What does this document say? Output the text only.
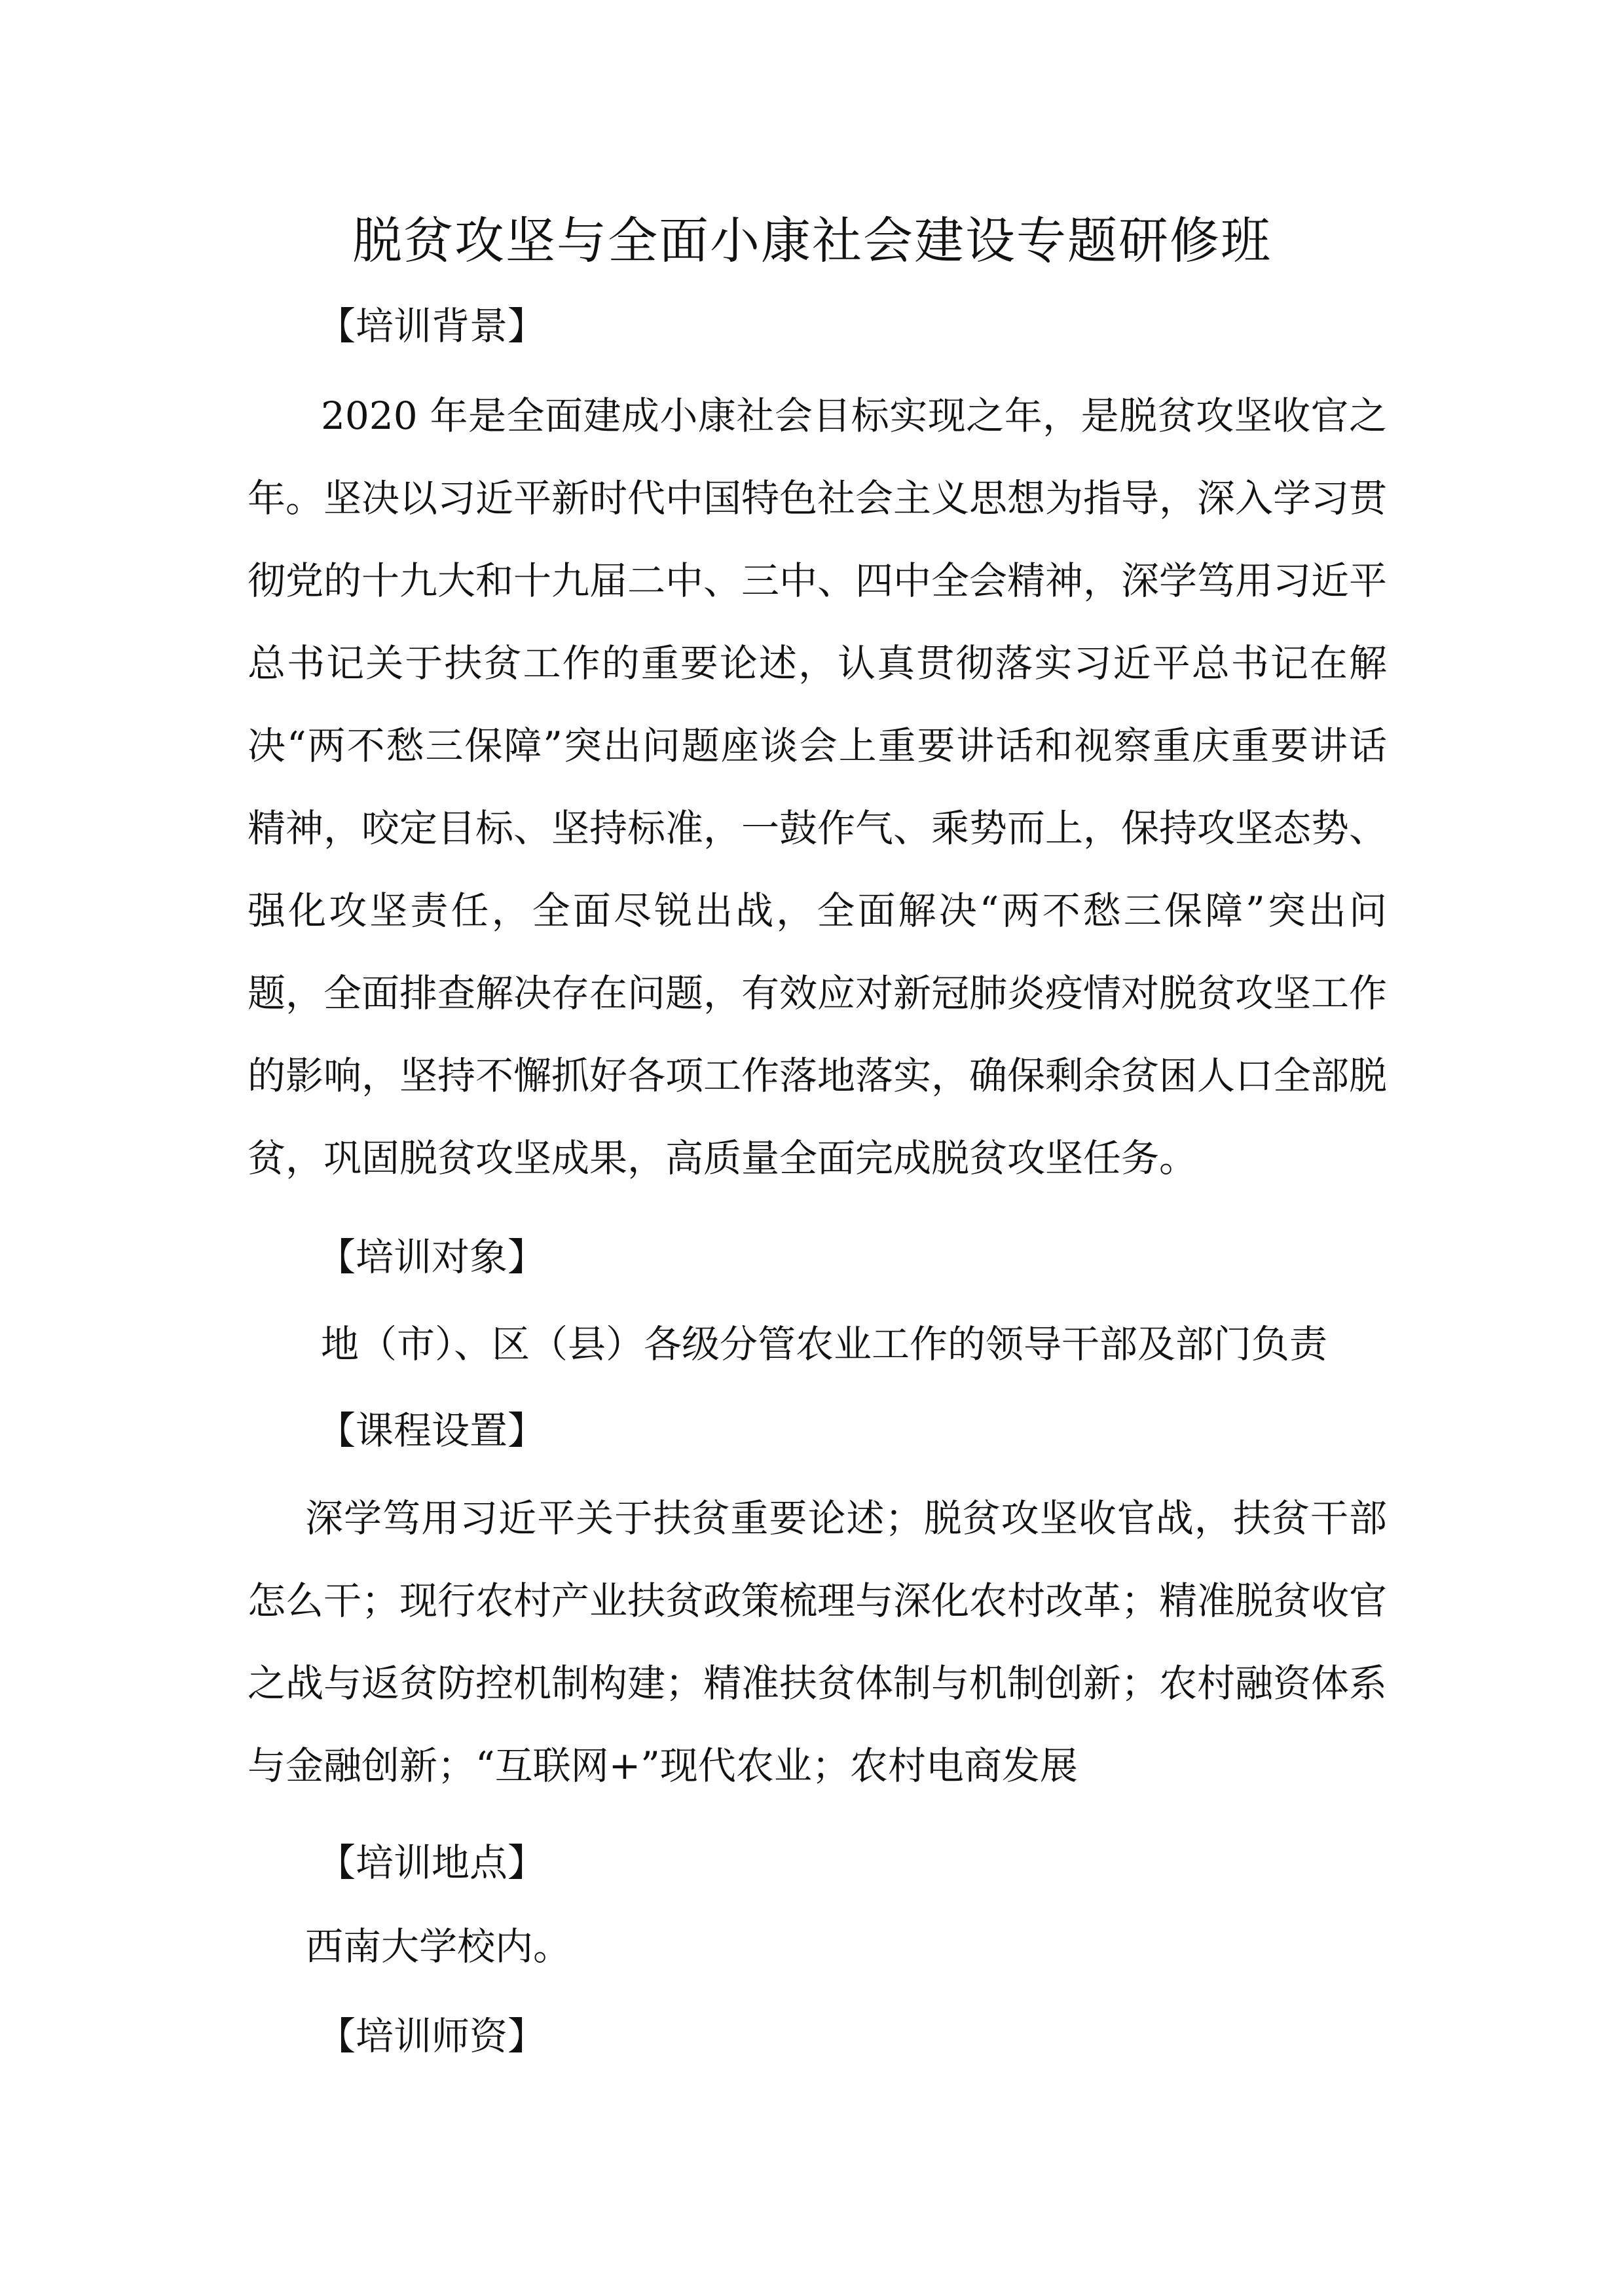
脱贫攻坚与全面小康社会建设专题研修班

【培训背景】

2020 年是全面建成小康社会目标实现之年，是脱贫攻坚收官之年。坚决以习近平新时代中国特色社会主义思想为指导，深入学习贯彻党的十九大和十九届二中、三中、四中全会精神，深学笃用习近平总书记关于扶贫工作的重要论述，认真贯彻落实习近平总书记在解决“两不愁三保障”突出问题座谈会上重要讲话和视察重庆重要讲话精神，咬定目标、坚持标准，一鼓作气、乘势而上，保持攻坚态势、强化攻坚责任，全面尽锐出战，全面解决“两不愁三保障”突出问题，全面排查解决存在问题，有效应对新冠肺炎疫情对脱贫攻坚工作的影响，坚持不懈抓好各项工作落地落实，确保剩余贫困人口全部脱贫，巩固脱贫攻坚成果，高质量全面完成脱贫攻坚任务。

【培训对象】

地（市）、区（县）各级分管农业工作的领导干部及部门负责

【课程设置】

深学笃用习近平关于扶贫重要论述；脱贫攻坚收官战，扶贫干部怎么干；现行农村产业扶贫政策梳理与深化农村改革；精准脱贫收官之战与返贫防控机制构建；精准扶贫体制与机制创新；农村融资体系与金融创新；“互联网+”现代农业；农村电商发展

【培训地点】

西南大学校内。

【培训师资】
